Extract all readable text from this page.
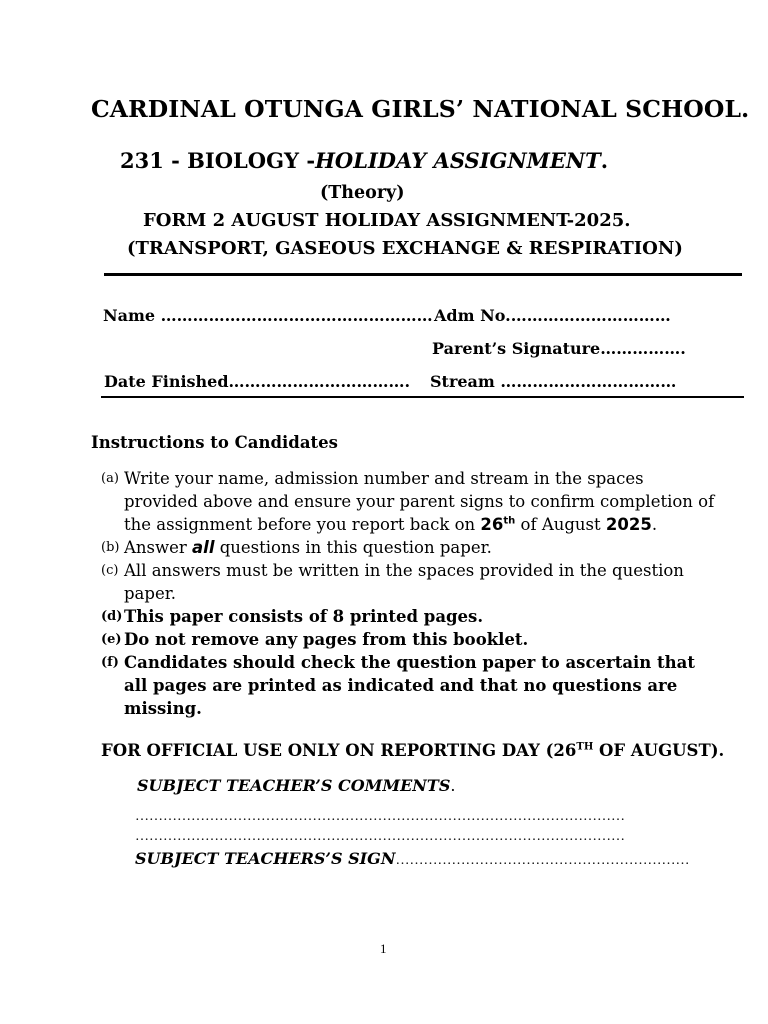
CARDINAL OTUNGA GIRLS’ NATIONAL SCHOOL.
231 - BIOLOGY -HOLIDAY ASSIGNMENT.
(Theory)
FORM 2 AUGUST HOLIDAY ASSIGNMENT-2025.
(TRANSPORT, GASEOUS EXCHANGE & RESPIRATION)
Name …………………………………………… Adm No.…………………………
Parent’s Signature…………….
Date Finished……………………………. Stream ……………………………
Instructions to Candidates
(a) Write your name, admission number and stream in the spaces provided above and ensure your parent signs to confirm completion of the assignment before you report back on 26th of August 2025.
(b) Answer all questions in this question paper.
(c) All answers must be written in the spaces provided in the question paper.
(d) This paper consists of 8 printed pages.
(e) Do not remove any pages from this booklet.
(f) Candidates should check the question paper to ascertain that all pages are printed as indicated and that no questions are missing.
FOR OFFICIAL USE ONLY ON REPORTING DAY (26TH OF AUGUST).
SUBJECT TEACHER’S COMMENTS.
……………………………………………………………………………………………
……………………………………………………………………………………………
SUBJECT TEACHERS’S SIGN………………………………………………………
1
